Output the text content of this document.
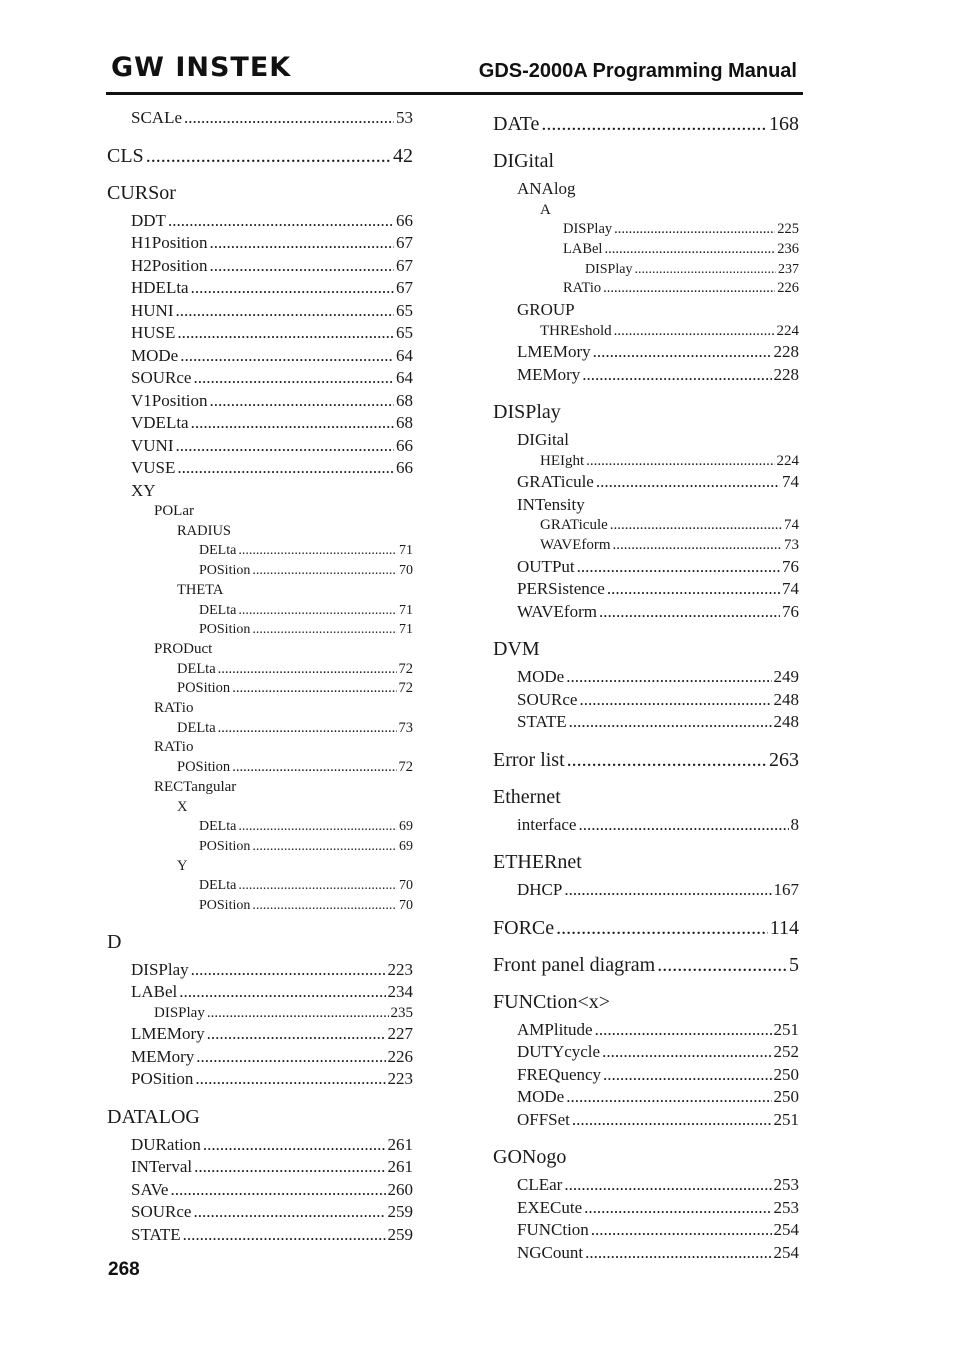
GW INSTEK	GDS-2000A Programming Manual
SCALe .....	53
CLS .....	42
CURSor
DDT .....	66
H1Position .....	67
H2Position .....	67
HDELta .....	67
HUNI .....	65
HUSE .....	65
MODe .....	64
SOURce .....	64
V1Position .....	68
VDELta .....	68
VUNI .....	66
VUSE .....	66
XY
POLar
RADIUS
DELta .....	71
POSition .....	70
THETA
DELta .....	71
POSition .....	71
PRODuct
DELta .....	72
POSition .....	72
RATio
DELta .....	73
RATio
POSition .....	72
RECTangular
X
DELta .....	69
POSition .....	69
Y
DELta .....	70
POSition .....	70
D
DISPlay .....	223
LABel .....	234
DISPlay .....	235
LMEMory .....	227
MEMory .....	226
POSition .....	223
DATALOG
DURation .....	261
INTerval .....	261
SAVe .....	260
SOURce .....	259
STATE .....	259
DATe .....	168
DIGital
ANAlog
A
DISPlay .....	225
LABel .....	236
DISPlay .....	237
RATio .....	226
GROUP
THREshold .....	224
LMEMory .....	228
MEMory .....	228
DISPlay
DIGital
HEIght .....	224
GRATicule .....	74
INTensity
GRATicule .....	74
WAVEform .....	73
OUTPut .....	76
PERSistence .....	74
WAVEform .....	76
DVM
MODe .....	249
SOURce .....	248
STATE .....	248
Error list .....	263
Ethernet
interface .....	8
ETHERnet
DHCP .....	167
FORCe .....	114
Front panel diagram .....	5
FUNCtion<x>
AMPlitude .....	251
DUTYcycle .....	252
FREQuency .....	250
MODe .....	250
OFFSet .....	251
GONogo
CLEar .....	253
EXECute .....	253
FUNCtion .....	254
NGCount .....	254
268
